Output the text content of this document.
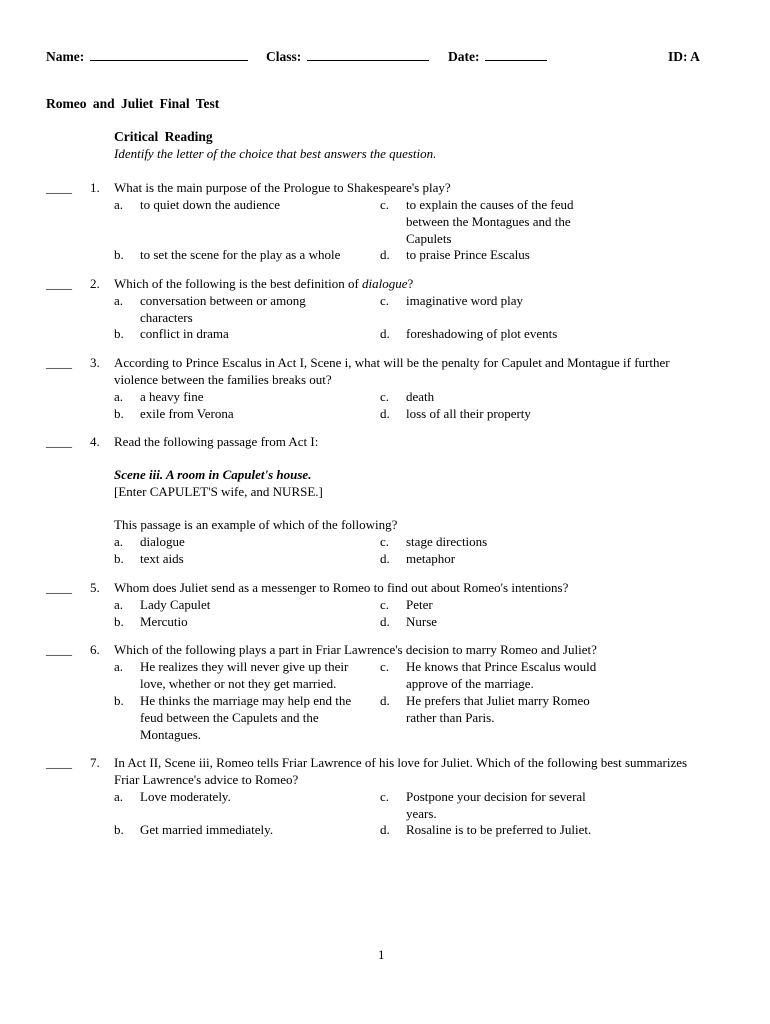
Name:	Class:	Date:	ID: A
Romeo and Juliet Final Test
Critical Reading
Identify the letter of the choice that best answers the question.
____ 1. What is the main purpose of the Prologue to Shakespeare's play?
a. to quiet down the audience
b. to set the scene for the play as a whole
c. to explain the causes of the feud between the Montagues and the Capulets
d. to praise Prince Escalus
____ 2. Which of the following is the best definition of dialogue?
a. conversation between or among characters
b. conflict in drama
c. imaginative word play
d. foreshadowing of plot events
____ 3. According to Prince Escalus in Act I, Scene i, what will be the penalty for Capulet and Montague if further violence between the families breaks out?
a. a heavy fine
b. exile from Verona
c. death
d. loss of all their property
____ 4. Read the following passage from Act I:
Scene iii. A room in Capulet's house.
[Enter CAPULET'S wife, and NURSE.]
This passage is an example of which of the following?
a. dialogue
b. text aids
c. stage directions
d. metaphor
____ 5. Whom does Juliet send as a messenger to Romeo to find out about Romeo's intentions?
a. Lady Capulet
b. Mercutio
c. Peter
d. Nurse
____ 6. Which of the following plays a part in Friar Lawrence's decision to marry Romeo and Juliet?
a. He realizes they will never give up their love, whether or not they get married.
b. He thinks the marriage may help end the feud between the Capulets and the Montagues.
c. He knows that Prince Escalus would approve of the marriage.
d. He prefers that Juliet marry Romeo rather than Paris.
____ 7. In Act II, Scene iii, Romeo tells Friar Lawrence of his love for Juliet. Which of the following best summarizes Friar Lawrence's advice to Romeo?
a. Love moderately.
b. Get married immediately.
c. Postpone your decision for several years.
d. Rosaline is to be preferred to Juliet.
1
